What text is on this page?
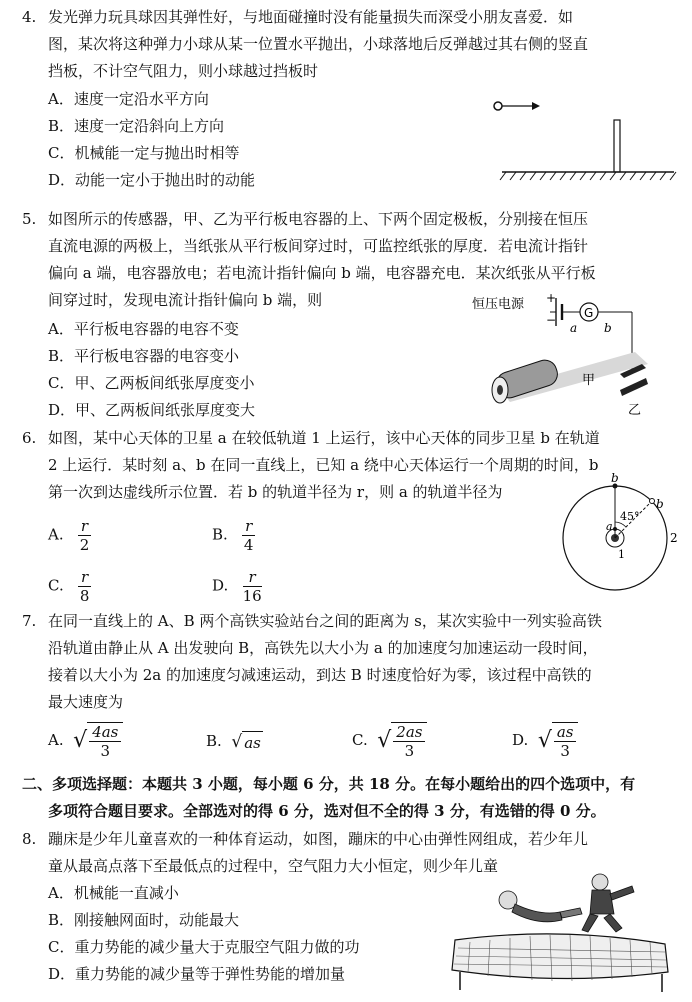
4. 发光弹力玩具球因其弹性好，与地面碰撞时没有能量损失而深受小朋友喜爱．如
图，某次将这种弹力小球从某一位置水平抛出，小球落地后反弹越过其右侧的竖直
挡板，不计空气阻力，则小球越过挡板时
A．速度一定沿水平方向
B．速度一定沿斜向上方向
C．机械能一定与抛出时相等
D．动能一定小于抛出时的动能
5. 如图所示的传感器，甲、乙为平行板电容器的上、下两个固定极板，分别接在恒压
直流电源的两极上，当纸张从平行板间穿过时，可监控纸张的厚度．若电流计指针
偏向 a 端，电容器放电；若电流计指针偏向 b 端，电容器充电．某次纸张从平行板
间穿过时，发现电流计指针偏向 b 端，则
A．平行板电容器的电容不变
B．平行板电容器的电容变小
C．甲、乙两板间纸张厚度变小
D．甲、乙两板间纸张厚度变大
恒压电源 +
− G
a b
甲
乙
6. 如图，某中心天体的卫星 a 在较低轨道 1 上运行，该中心天体的同步卫星 b 在轨道
2 上运行．某时刻 a、b 在同一直线上，已知 a 绕中心天体运行一个周期的时间，b
第一次到达虚线所示位置．若 b 的轨道半径为 r，则 a 的轨道半径为
A. $\frac{r}{2}$	B. $\frac{r}{4}$
C. $\frac{r}{8}$	D. $\frac{r}{16}$
45°
b
b
a
1
2
7. 在同一直线上的 A、B 两个高铁实验站台之间的距离为 s，某次实验中一列实验高铁
沿轨道由静止从 A 出发驶向 B，高铁先以大小为 a 的加速度匀加速运动一段时间，
接着以大小为 2a 的加速度匀减速运动，到达 B 时速度恰好为零，该过程中高铁的
最大速度为
A. √ $\frac{4as}{3}$	B. √ as	C. √ $\frac{2as}{3}$	D. √ $\frac{as}{3}$
二、多项选择题：本题共 3 小题，每小题 6 分，共 18 分。在每小题给出的四个选项中，有
多项符合题目要求。全部选对的得 6 分，选对但不全的得 3 分，有选错的得 0 分。
8. 蹦床是少年儿童喜欢的一种体育运动，如图，蹦床的中心由弹性网组成，若少年儿
童从最高点落下至最低点的过程中，空气阻力大小恒定，则少年儿童
A．机械能一直减小
B．刚接触网面时，动能最大
C．重力势能的减少量大于克服空气阻力做的功
D．重力势能的减少量等于弹性势能的增加量
